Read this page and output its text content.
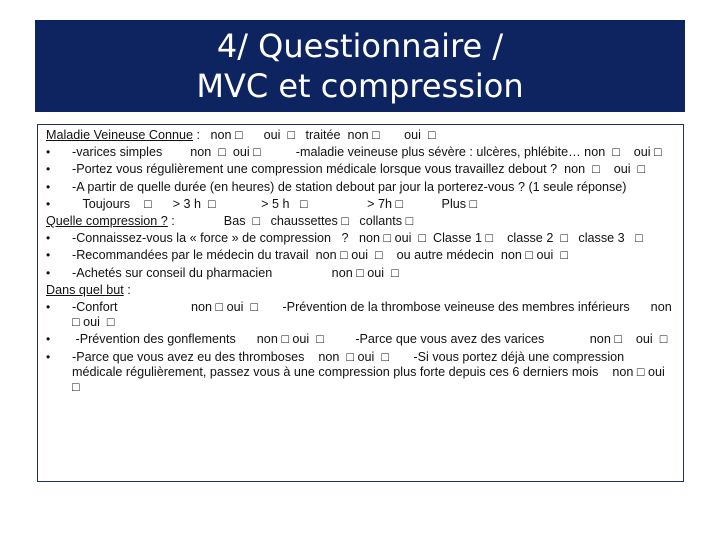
4/ Questionnaire /
MVC et compression
Maladie Veineuse Connue :   non □      oui  □   traitée  non □       oui  □
•	-varices simples        non  □  oui □          -maladie veineuse plus sévère : ulcères, phlébite… non  □    oui □
•	-Portez vous régulièrement une compression médicale lorsque vous travaillez debout ?  non  □    oui  □
•	-A partir de quelle durée (en heures) de station debout par jour la porterez-vous ? (1 seule réponse)
•	Toujours    □      > 3 h  □             > 5 h   □                 > 7h □           Plus □
Quelle compression ? :              Bas  □   chaussettes □   collants □
•	-Connaissez-vous la « force » de compression   ?   non □ oui  □  Classe 1 □    classe 2  □   classe 3   □
•	-Recommandées par le médecin du travail  non □ oui  □    ou autre médecin  non □ oui  □
•	-Achetés sur conseil du pharmacien                 non □ oui  □
Dans quel but :
•	-Confort                     non □ oui  □       -Prévention de la thrombose veineuse des membres inférieurs      non □ oui  □
•	-Prévention des gonflements      non □ oui  □         -Parce que vous avez des varices             non □    oui  □
•	-Parce que vous avez eu des thromboses    non  □ oui  □       -Si vous portez déjà une compression médicale régulièrement, passez vous à une compression plus forte depuis ces 6 derniers mois    non □ oui  □
